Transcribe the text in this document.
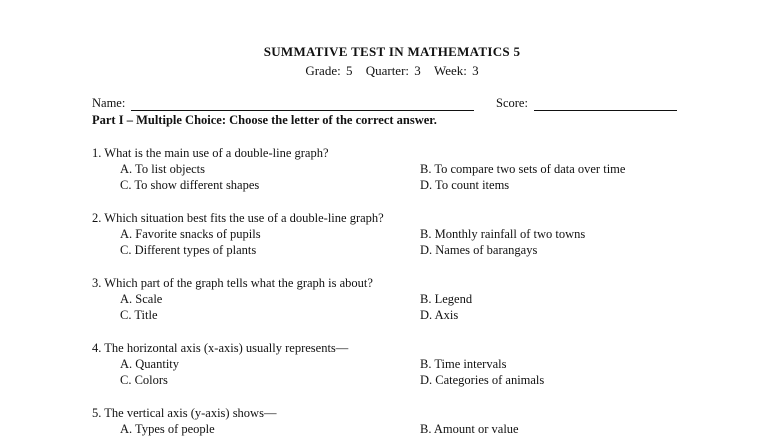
SUMMATIVE TEST IN MATHEMATICS 5
Grade: 5 Quarter: 3 Week: 3
Name:	Score:
Part I – Multiple Choice: Choose the letter of the correct answer.
1. What is the main use of a double-line graph?
A. To list objects	B. To compare two sets of data over time
C. To show different shapes	D. To count items
2. Which situation best fits the use of a double-line graph?
A. Favorite snacks of pupils	B. Monthly rainfall of two towns
C. Different types of plants	D. Names of barangays
3. Which part of the graph tells what the graph is about?
A. Scale	B. Legend
C. Title	D. Axis
4. The horizontal axis (x-axis) usually represents—
A. Quantity	B. Time intervals
C. Colors	D. Categories of animals
5. The vertical axis (y-axis) shows—
A. Types of people	B. Amount or value
